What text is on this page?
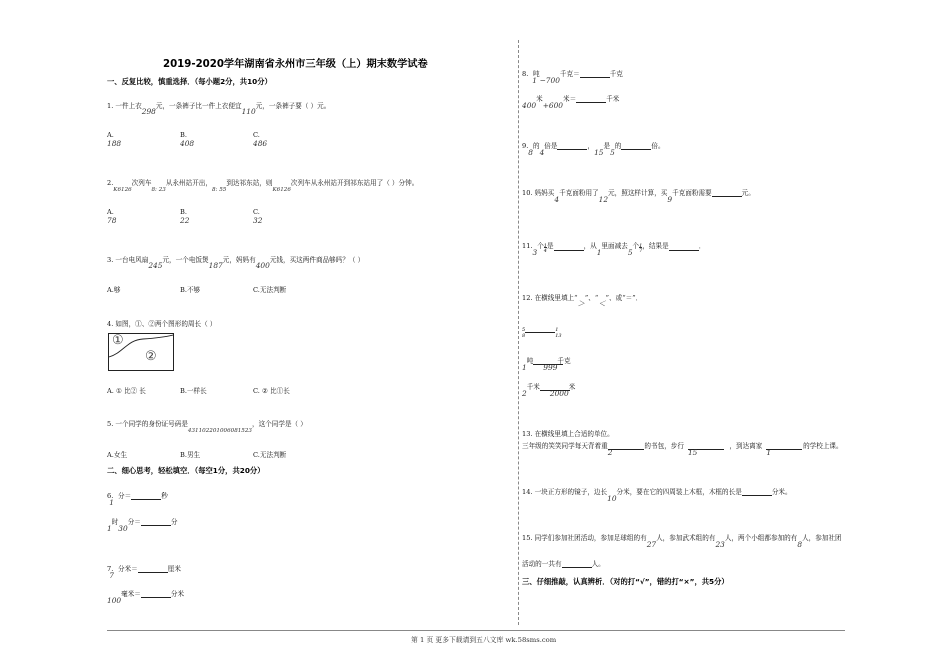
2019-2020学年湖南省永州市三年级（上）期末数学试卷
一、反复比较，慎重选择．（每小题2分，共10分）
1. 一件上衣298元，一条裤子比一件上衣便宜110元，一条裤子要（ ）元。
A.
188
B.
408
C.
486
$2._{K6126}$次列车$_{8: 23}$从永州站开出，$_{8: 55}$到达祁东站，则$_{K6126}$次列车从永州站开到祁东站用了（ ）分钟。
A.
78
B.
22
C.
32
3. 一台电风扇245元，一个电饭煲187元，妈妈有400元钱，买这两件商品够吗？（ ）
A.够	B.不够	C.无法判断
4. 如图，①、②两个图形的周长（ ）
①
②
A. ① 比② 长	B.一样长	C. ② 比①长
5. 一个同学的身份证号码是$_{431102201006081523}$，这个同学是（ ）
A.女生	B.男生	C.无法判断
二、细心思考，轻松填空．（每空1分，共20分）
6.1分＝	秒
1时30分＝	分
7.7分米＝	厘米
100毫米＝	分米
8.1吨−700千克＝	千克
400米+600米＝	千米
9.8的4倍是	，15是5的	倍。
10. 妈妈买4千克面粉用了12元，照这样计算，买9千克面粉需要	元。
11.3个1
4是	，从1里面减去5个1
7，结果是	．
12. 在横线里填上“＞”、“＜”、或“＝”．
5
81
13
1吨999千克
2千米2000米
13. 在横线里填上合适的单位。
三年级的笑笑同学每天背着重2的书包，步行15，到达离家1的学校上课。
14. 一块正方形的镜子，边长10分米，要在它的四周装上木框，木框的长是	分米。
15. 同学们参加社团活动，参加足球组的有27人，参加武术组的有23人，两个小组都参加的有8人，参加社团
活动的一共有	人。
三、仔细推敲，认真辨析．（对的打“√”，错的打“×”，共5分）
第 1 页 更多下载请到五八文库 wk.58sms.com
